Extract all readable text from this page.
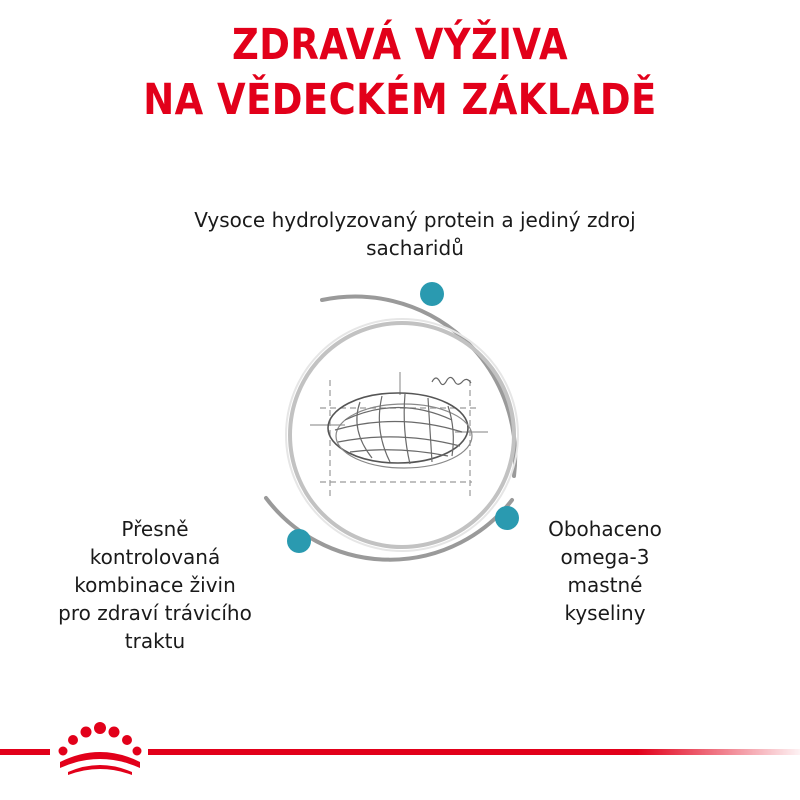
ZDRAVÁ VÝŽIVA
NA VĚDECKÉM ZÁKLADĚ
Vysoce hydrolyzovaný protein a jediný zdroj
sacharidů
Přesně
kontrolovaná
kombinace živin
pro zdraví trávicího
traktu
Obohaceno
omega-3
mastné
kyseliny
